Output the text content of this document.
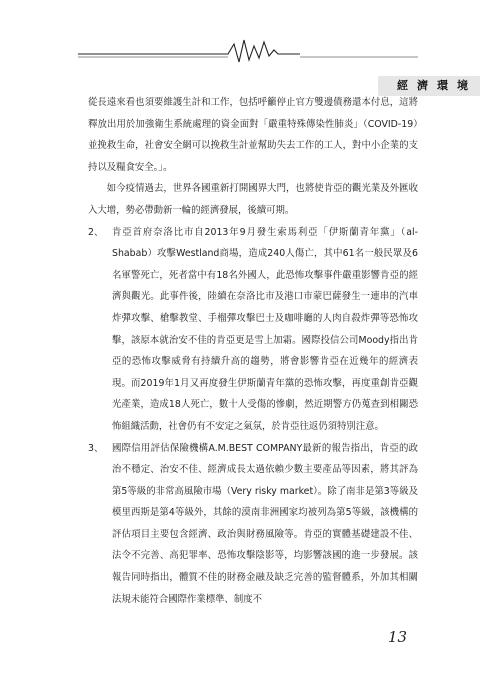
經濟環境

從長遠來看也須要維護生計和工作，包括呼籲停止官方雙邊債務還本付息，這將釋放出用於加強衛生系統處理的資金面對「嚴重特殊傳染性肺炎」（COVID-19）並挽救生命，社會安全網可以挽救生計並幫助失去工作的工人，對中小企業的支持以及糧食安全。」。

如今疫情過去，世界各國重新打開國界大門，也將使肯亞的觀光業及外匯收入大增，勢必帶動新一輪的經濟發展，後續可期。

2、 肯亞首府奈洛比市自2013年9月發生索馬利亞「伊斯蘭青年黨」（al-Shabab）攻擊Westland商場，造成240人傷亡，其中61名一般民眾及6名軍警死亡，死者當中有18名外國人，此恐怖攻擊事件嚴重影響肯亞的經濟與觀光。此事件後，陸續在奈洛比市及港口市蒙巴薩發生一連串的汽車炸彈攻擊、槍擊教堂、手榴彈攻擊巴士及咖啡廳的人肉自殺炸彈等恐怖攻擊，該原本就治安不佳的肯亞更是雪上加霜。國際投信公司Moody指出肯亞的恐怖攻擊威脅有持續升高的趨勢，將會影響肯亞在近幾年的經濟表現。而2019年1月又再度發生伊斯蘭青年黨的恐怖攻擊，再度重創肯亞觀光產業，造成18人死亡，數十人受傷的慘劇，然近期警方仍蒐查到相關恐怖組織活動，社會仍有不安定之氣氛，於肯亞往返仍須特別注意。
3、 國際信用評估保險機構A.M.BEST COMPANY最新的報告指出，肯亞的政治不穩定、治安不佳、經濟成長太過依賴少數主要產品等因素，將其評為第5等級的非常高風險市場（Very risky market）。除了南非是第3等級及模里西斯是第4等級外，其餘的漠南非洲國家均被列為第5等級，該機構的評估項目主要包含經濟、政治與財務風險等。肯亞的實體基礎建設不佳、法令不完善、高犯罪率、恐怖攻擊陰影等，均影響該國的進一步發展。該報告同時指出，體質不佳的財務金融及缺乏完善的監督體系，外加其相關法規未能符合國際作業標準、制度不
13
